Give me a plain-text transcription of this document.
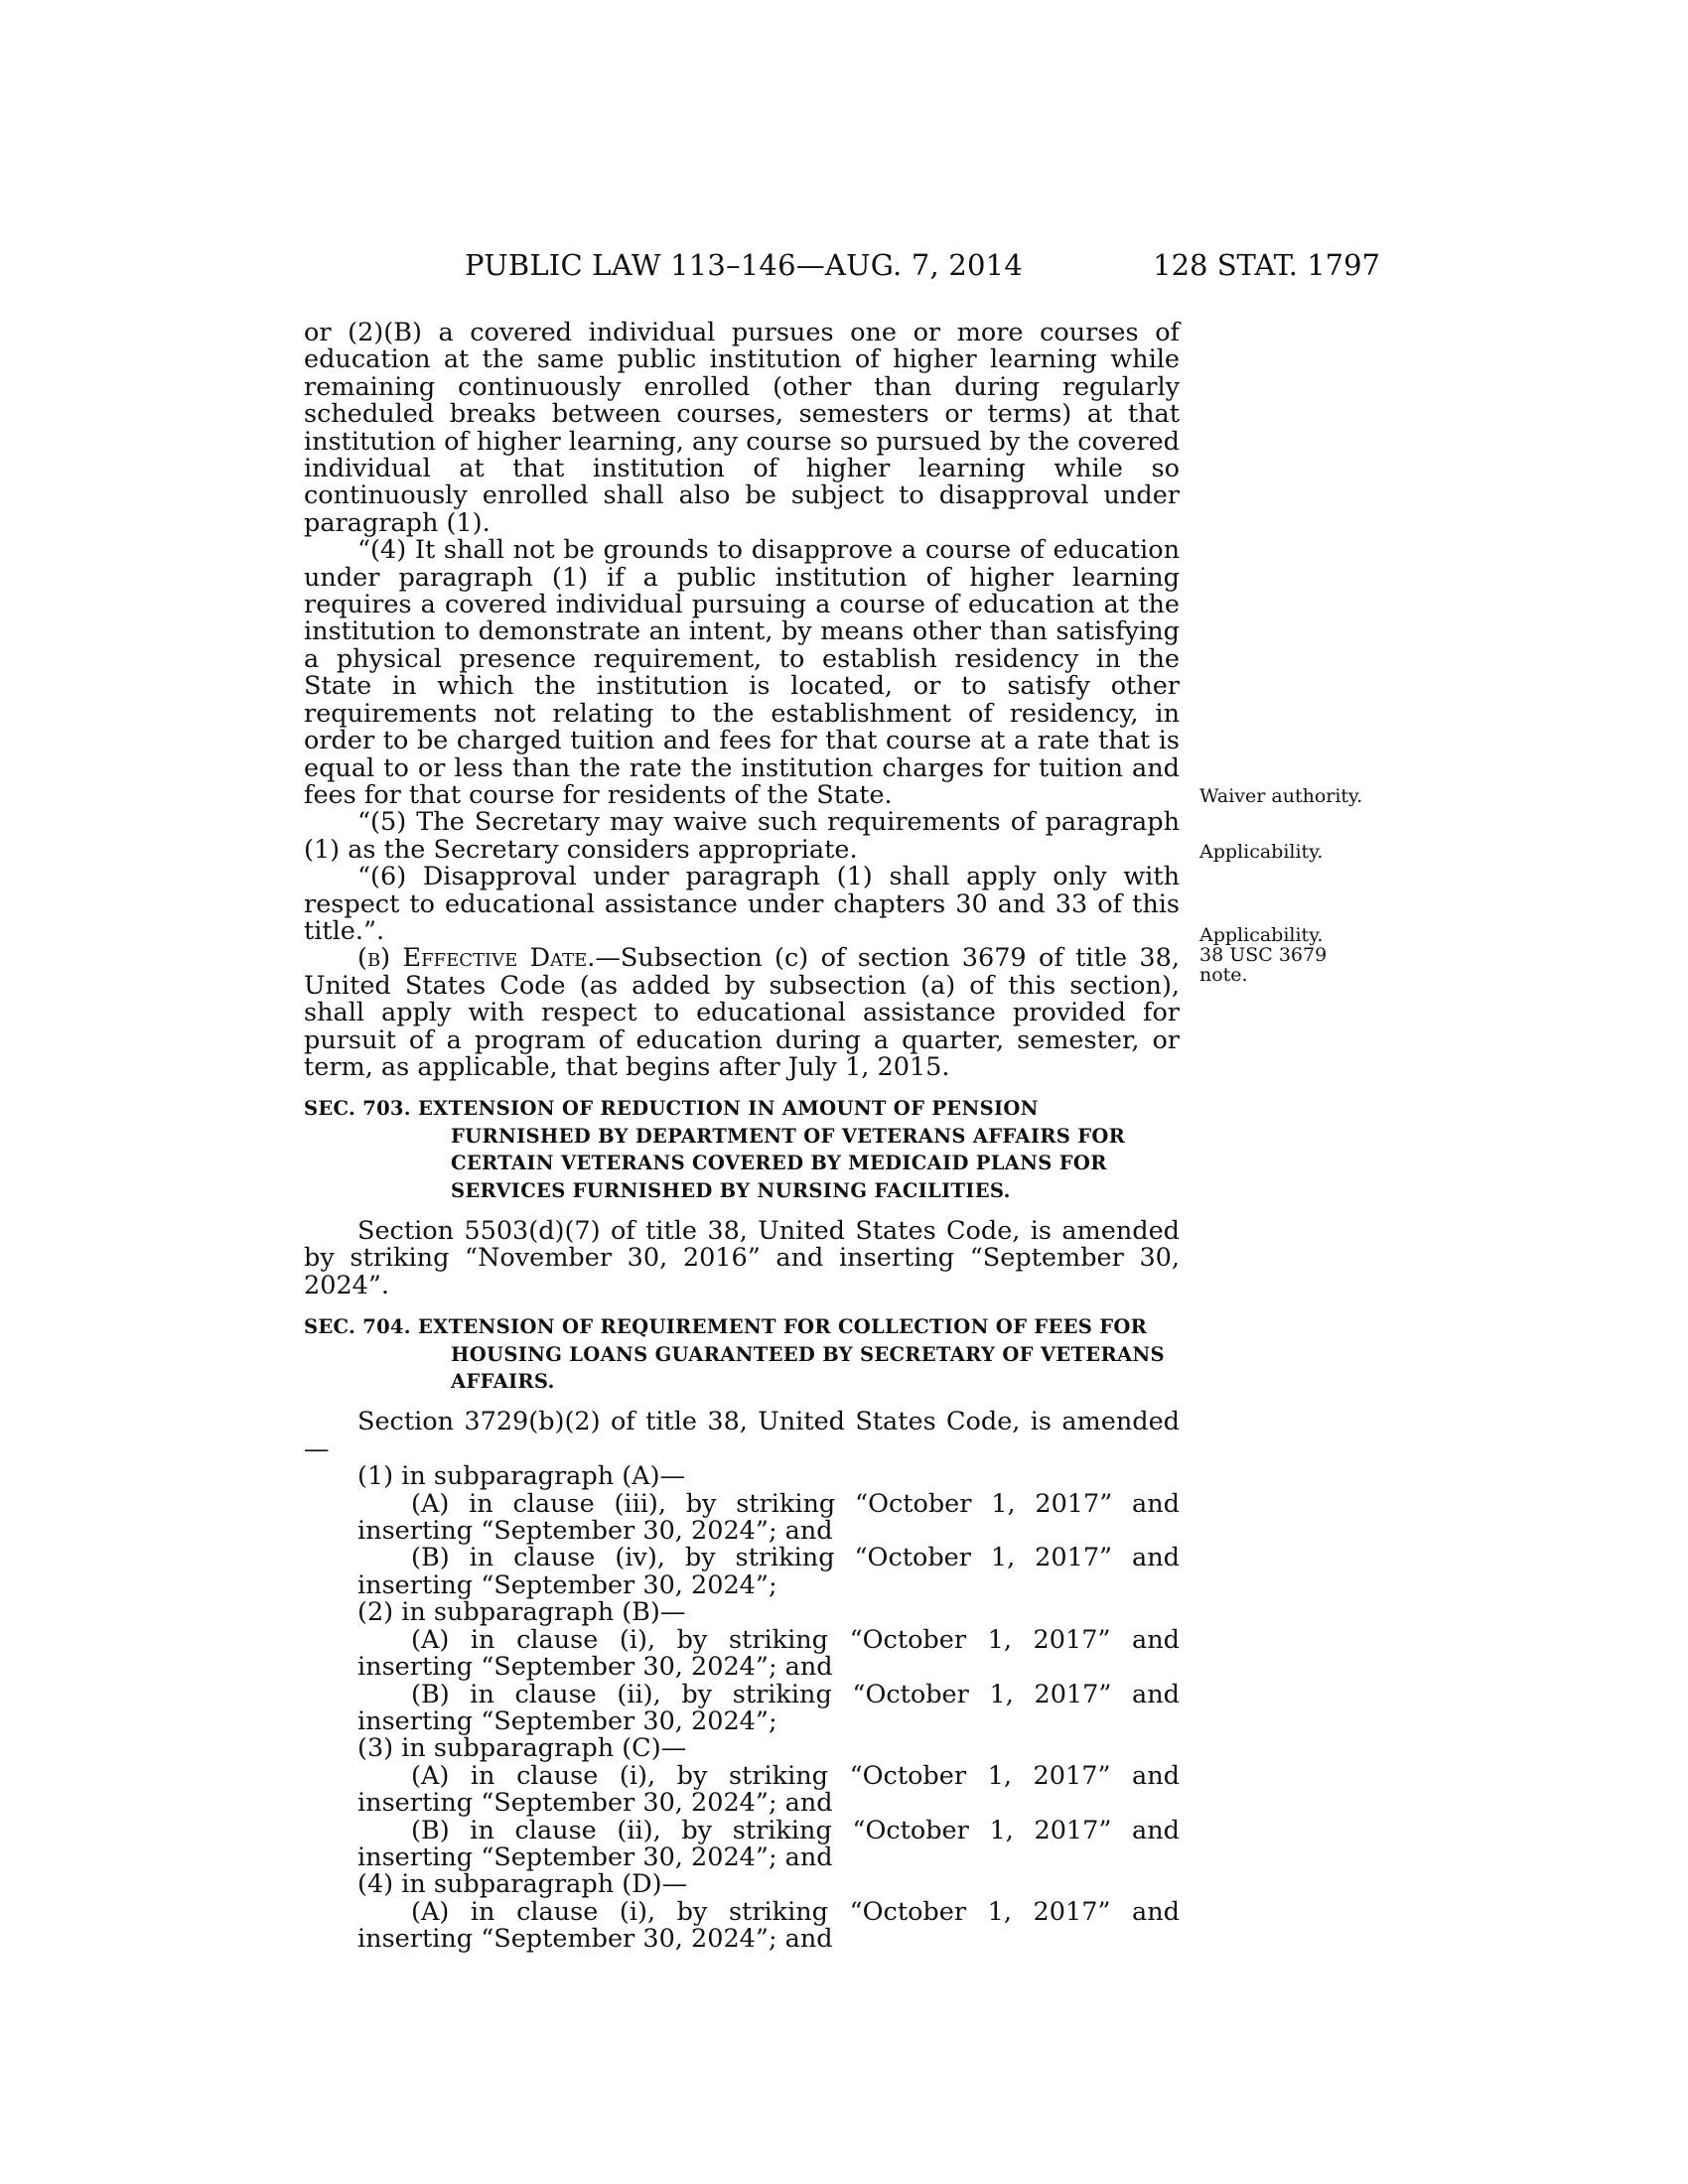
PUBLIC LAW 113–146—AUG. 7, 2014	128 STAT. 1797

or (2)(B) a covered individual pursues one or more courses of education at the same public institution of higher learning while remaining continuously enrolled (other than during regularly scheduled breaks between courses, semesters or terms) at that institution of higher learning, any course so pursued by the covered individual at that institution of higher learning while so continuously enrolled shall also be subject to disapproval under paragraph (1).

“(4) It shall not be grounds to disapprove a course of education under paragraph (1) if a public institution of higher learning requires a covered individual pursuing a course of education at the institution to demonstrate an intent, by means other than satisfying a physical presence requirement, to establish residency in the State in which the institution is located, or to satisfy other requirements not relating to the establishment of residency, in order to be charged tuition and fees for that course at a rate that is equal to or less than the rate the institution charges for tuition and fees for that course for residents of the State.

“(5) The Secretary may waive such requirements of paragraph (1) as the Secretary considers appropriate.

“(6) Disapproval under paragraph (1) shall apply only with respect to educational assistance under chapters 30 and 33 of this title.”.

(b) Effective Date.—Subsection (c) of section 3679 of title 38, United States Code (as added by subsection (a) of this section), shall apply with respect to educational assistance provided for pursuit of a program of education during a quarter, semester, or term, as applicable, that begins after July 1, 2015.

SEC. 703. EXTENSION OF REDUCTION IN AMOUNT OF PENSION FURNISHED BY DEPARTMENT OF VETERANS AFFAIRS FOR CERTAIN VETERANS COVERED BY MEDICAID PLANS FOR SERVICES FURNISHED BY NURSING FACILITIES.

Section 5503(d)(7) of title 38, United States Code, is amended by striking “November 30, 2016” and inserting “September 30, 2024”.

SEC. 704. EXTENSION OF REQUIREMENT FOR COLLECTION OF FEES FOR HOUSING LOANS GUARANTEED BY SECRETARY OF VETERANS AFFAIRS.

Section 3729(b)(2) of title 38, United States Code, is amended—

(1) in subparagraph (A)—

(A) in clause (iii), by striking “October 1, 2017” and inserting “September 30, 2024”; and

(B) in clause (iv), by striking “October 1, 2017” and inserting “September 30, 2024”;

(2) in subparagraph (B)—

(A) in clause (i), by striking “October 1, 2017” and inserting “September 30, 2024”; and

(B) in clause (ii), by striking “October 1, 2017” and inserting “September 30, 2024”;

(3) in subparagraph (C)—

(A) in clause (i), by striking “October 1, 2017” and inserting “September 30, 2024”; and

(B) in clause (ii), by striking “October 1, 2017” and inserting “September 30, 2024”; and

(4) in subparagraph (D)—

(A) in clause (i), by striking “October 1, 2017” and inserting “September 30, 2024”; and

Waiver authority.
Applicability.
Applicability.
38 USC 3679
note.
